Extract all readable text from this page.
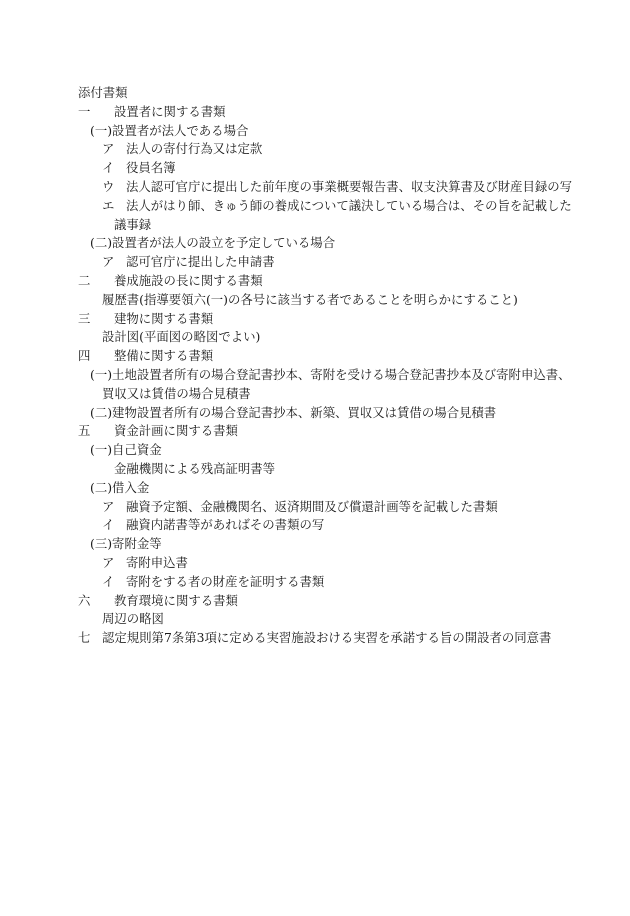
添付書類
一 設置者に関する書類
(一)設置者が法人である場合
ア 法人の寄付行為又は定款
イ 役員名簿
ウ 法人認可官庁に提出した前年度の事業概要報告書、収支決算書及び財産目録の写
エ 法人がはり師、きゅう師の養成について議決している場合は、その旨を記載した
議事録
(二)設置者が法人の設立を予定している場合
ア 認可官庁に提出した申請書
二 養成施設の長に関する書類
履歴書(指導要領六(一)の各号に該当する者であることを明らかにすること)
三 建物に関する書類
設計図(平面図の略図でよい)
四 整備に関する書類
(一)土地設置者所有の場合登記書抄本、寄附を受ける場合登記書抄本及び寄附申込書、
買収又は賃借の場合見積書
(二)建物設置者所有の場合登記書抄本、新築、買収又は賃借の場合見積書
五 資金計画に関する書類
(一)自己資金
金融機関による残高証明書等
(二)借入金
ア 融資予定額、金融機関名、返済期間及び償還計画等を記載した書類
イ 融資内諾書等があればその書類の写
(三)寄附金等
ア 寄附申込書
イ 寄附をする者の財産を証明する書類
六 教育環境に関する書類
周辺の略図
七 認定規則第7条第3項に定める実習施設おける実習を承諾する旨の開設者の同意書
